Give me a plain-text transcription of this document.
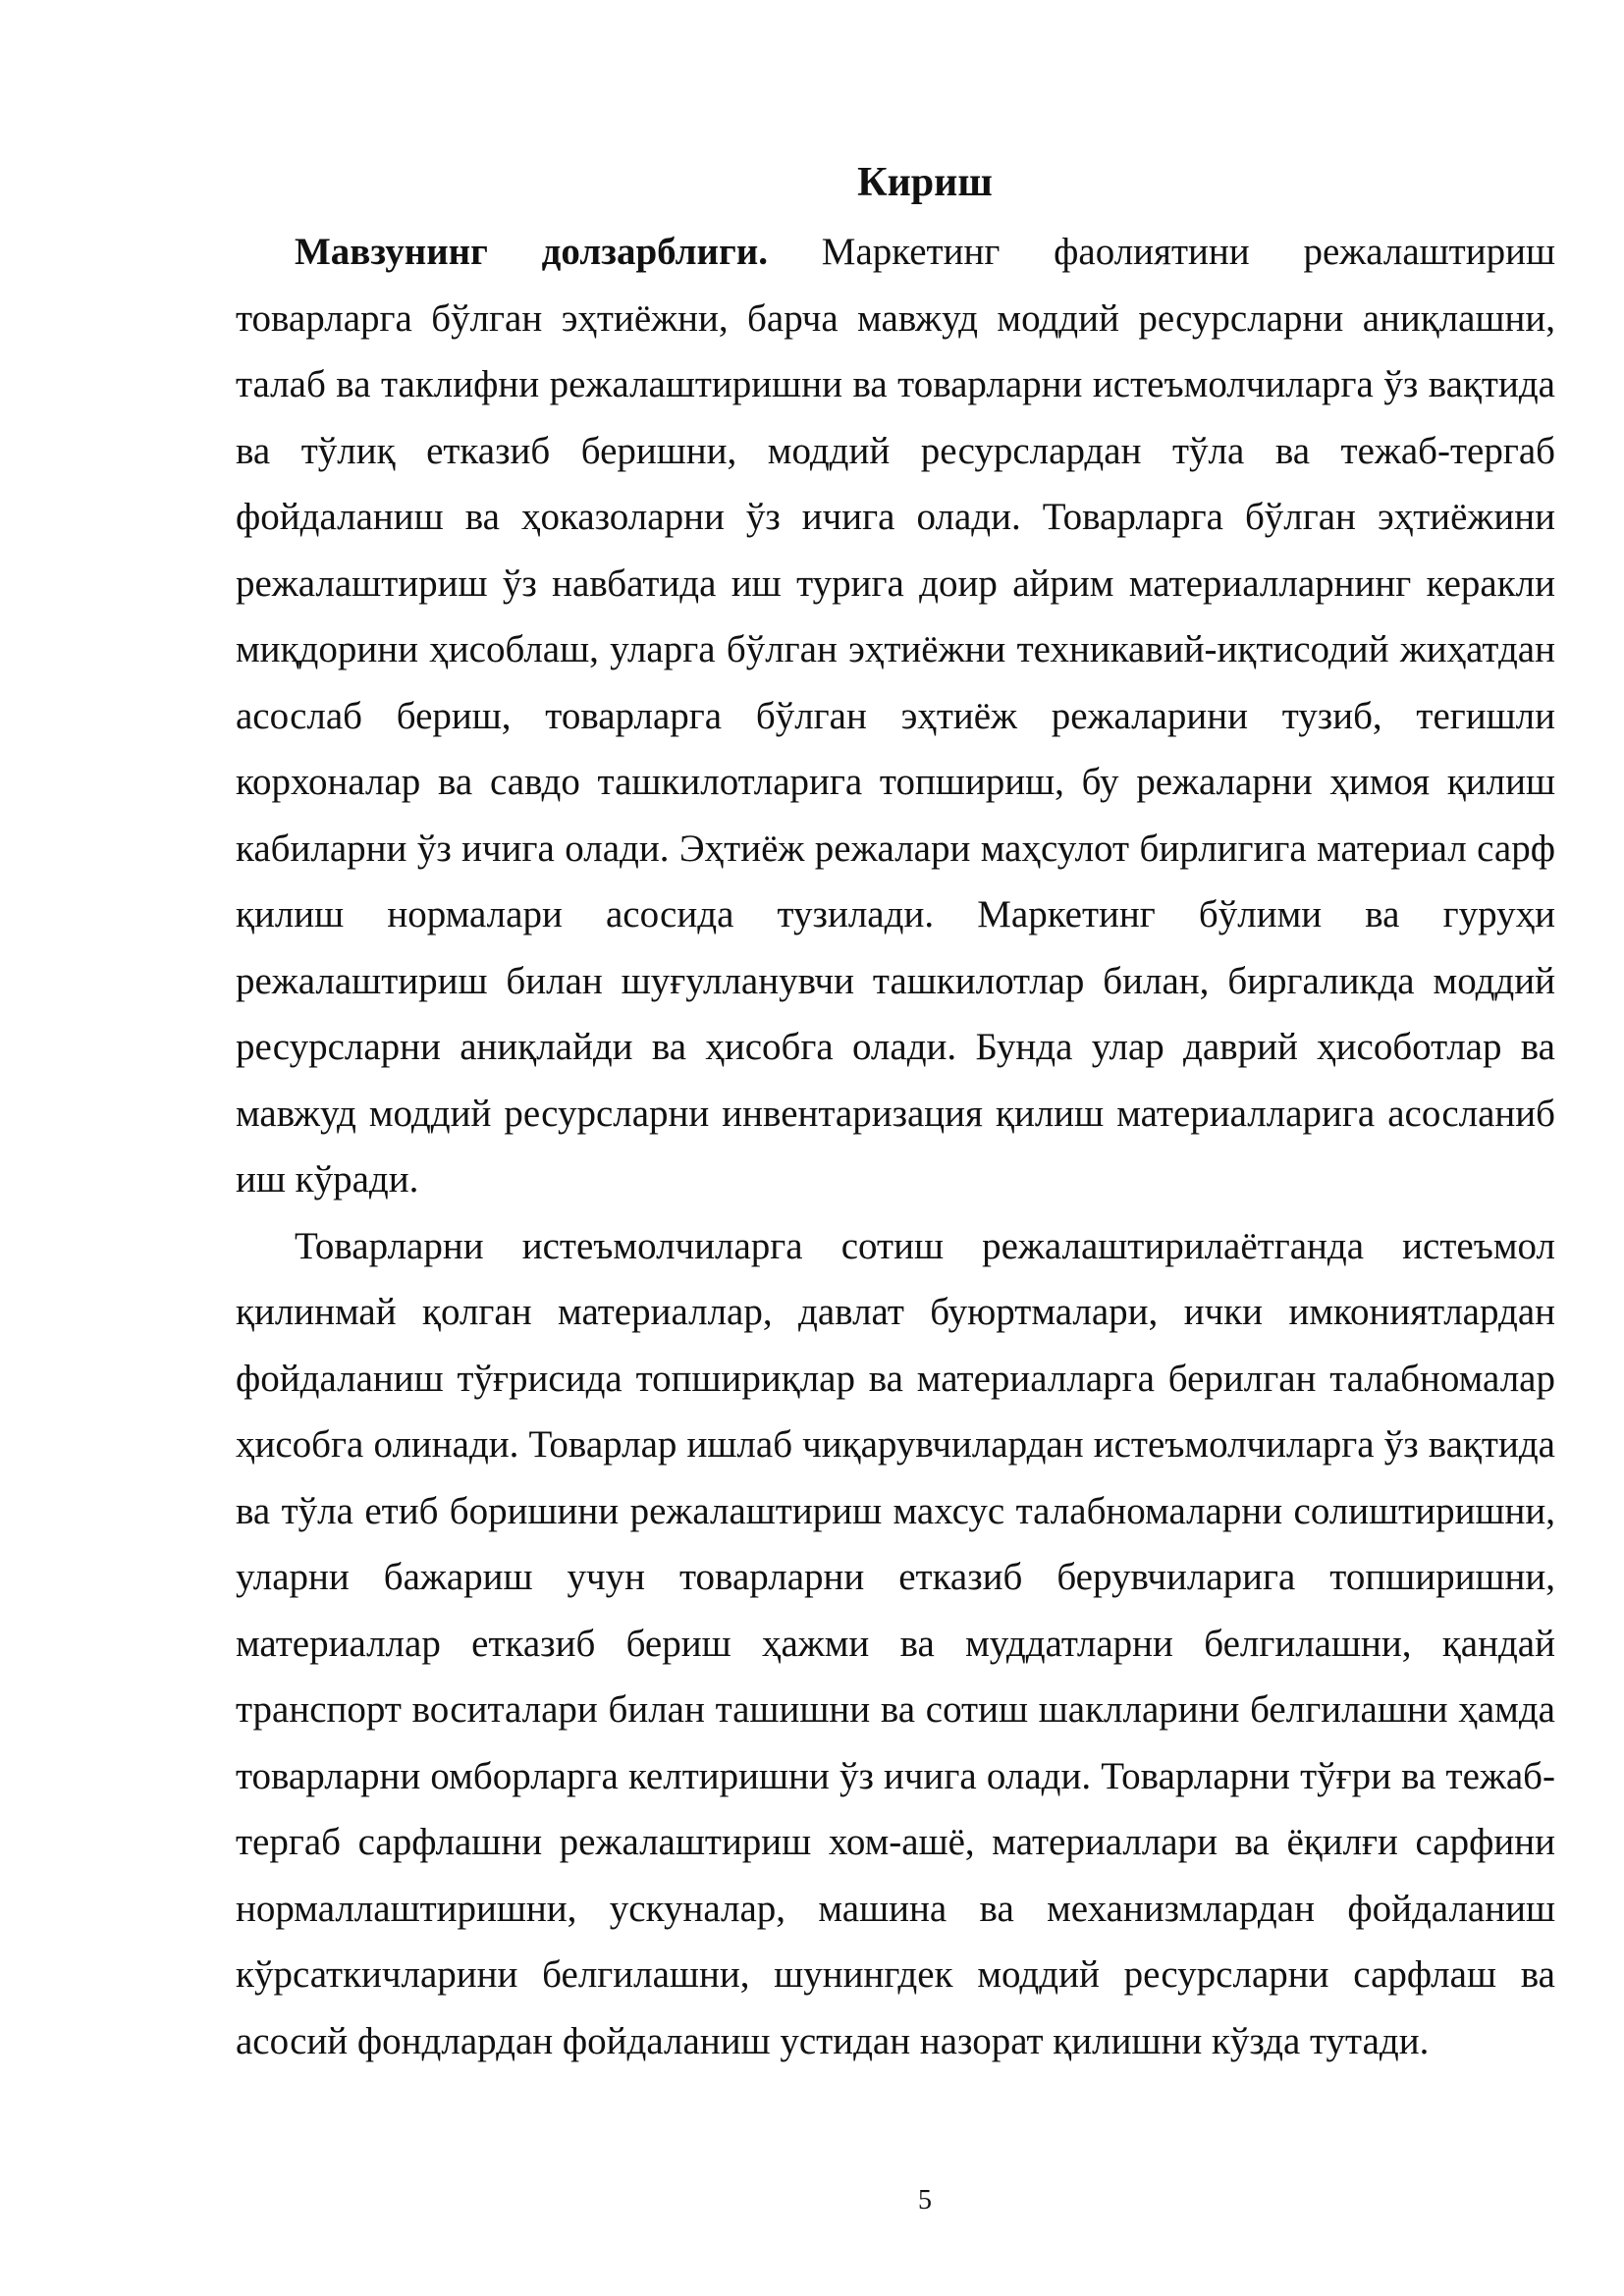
Кириш

Мавзунинг долзарблиги. Маркетинг фаолиятини режалаштириш товарларга бўлган эҳтиёжни, барча мавжуд моддий ресурсларни аниқлашни, талаб ва таклифни режалаштиришни ва товарларни истеъмолчиларга ўз вақтида ва тўлиқ етказиб беришни, моддий ресурслардан тўла ва тежаб-тергаб фойдаланиш ва ҳоказоларни ўз ичига олади. Товарларга бўлган эҳтиёжини режалаштириш ўз навбатида иш турига доир айрим материалларнинг керакли миқдорини ҳисоблаш, уларга бўлган эҳтиёжни техникавий-иқтисодий жиҳатдан асослаб бериш, товарларга бўлган эҳтиёж режаларини тузиб, тегишли корхоналар ва савдо ташкилотларига топшириш, бу режаларни ҳимоя қилиш кабиларни ўз ичига олади. Эҳтиёж режалари маҳсулот бирлигига материал сарф қилиш нормалари асосида тузилади. Маркетинг бўлими ва гуруҳи режалаштириш билан шуғулланувчи ташкилотлар билан, биргаликда моддий ресурсларни аниқлайди ва ҳисобга олади. Бунда улар даврий ҳисоботлар ва мавжуд моддий ресурсларни инвентаризация қилиш материалларига асосланиб иш кўради.

Товарларни истеъмолчиларга сотиш режалаштирилаётганда истеъмол қилинмай қолган материаллар, давлат буюртмалари, ички имкониятлардан фойдаланиш тўғрисида топшириқлар ва материалларга берилган талабномалар ҳисобга олинади. Товарлар ишлаб чиқарувчилардан истеъмолчиларга ўз вақтида ва тўла етиб боришини режалаштириш махсус талабномаларни солиштиришни, уларни бажариш учун товарларни етказиб берувчиларига топширишни, материаллар етказиб бериш ҳажми ва муддатларни белгилашни, қандай транспорт воситалари билан ташишни ва сотиш шаклларини белгилашни ҳамда товарларни омборларга келтиришни ўз ичига олади. Товарларни тўғри ва тежаб-тергаб сарфлашни режалаштириш хом-ашё, материаллари ва ёқилғи сарфини нормаллаштиришни, ускуналар, машина ва механизмлардан фойдаланиш кўрсаткичларини белгилашни, шунингдек моддий ресурсларни сарфлаш ва асосий фондлардан фойдаланиш устидан назорат қилишни кўзда тутади.

5
